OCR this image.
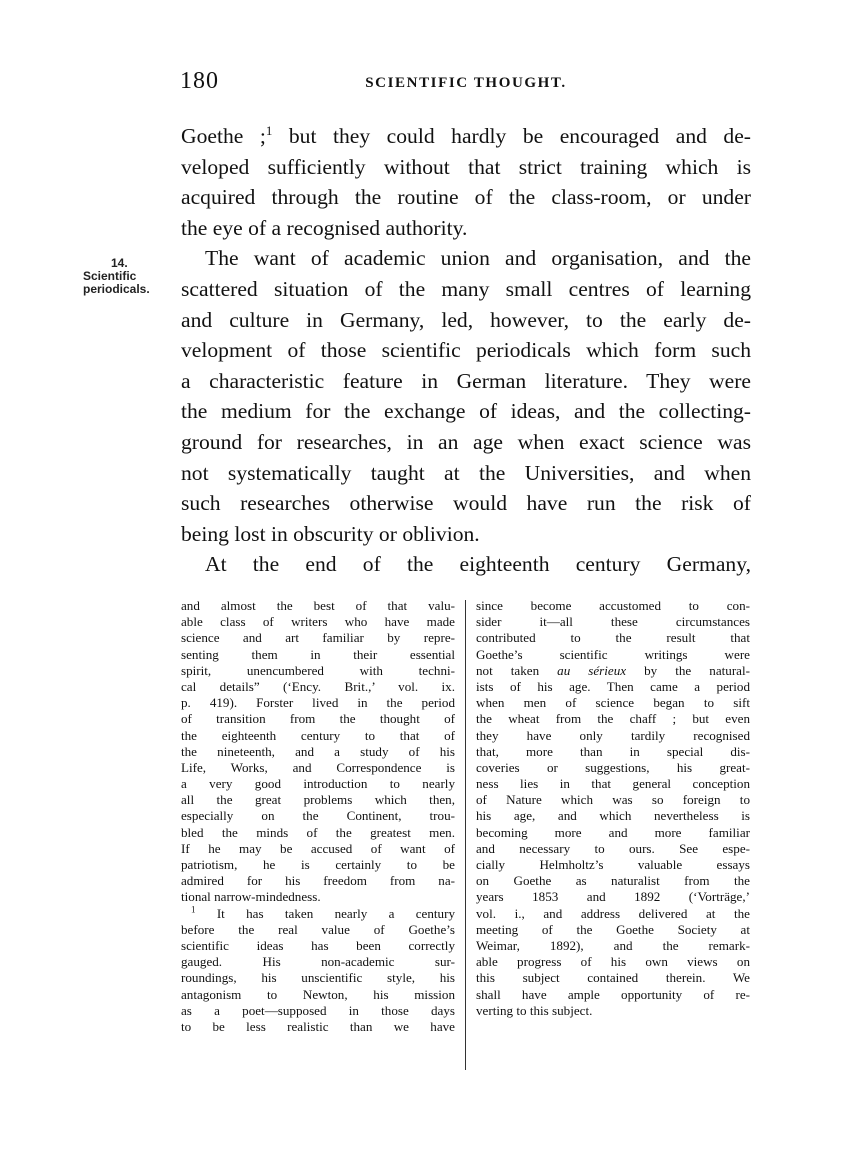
180	SCIENTIFIC THOUGHT.
14.
Scientific
periodicals.
Goethe ;$^1$ but they could hardly be encouraged and de-
veloped sufficiently without that strict training which is
acquired through the routine of the class-room, or under
the eye of a recognised authority.
The want of academic union and organisation, and the
scattered situation of the many small centres of learning
and culture in Germany, led, however, to the early de-
velopment of those scientific periodicals which form such
a characteristic feature in German literature. They were
the medium for the exchange of ideas, and the collecting-
ground for researches, in an age when exact science was
not systematically taught at the Universities, and when
such researches otherwise would have run the risk of
being lost in obscurity or oblivion.
At the end of the eighteenth century Germany,
and almost the best of that valu-
able class of writers who have made
science and art familiar by repre-
senting them in their essential
spirit, unencumbered with techni-
cal details” (‘Ency. Brit.,’ vol. ix.
p. 419). Forster lived in the period
of transition from the thought of
the eighteenth century to that of
the nineteenth, and a study of his
Life, Works, and Correspondence is
a very good introduction to nearly
all the great problems which then,
especially on the Continent, trou-
bled the minds of the greatest men.
If he may be accused of want of
patriotism, he is certainly to be
admired for his freedom from na-
tional narrow-mindedness.
$^1$ It has taken nearly a century
before the real value of Goethe’s
scientific ideas has been correctly
gauged. His non-academic sur-
roundings, his unscientific style, his
antagonism to Newton, his mission
as a poet—supposed in those days
to be less realistic than we have
since become accustomed to con-
sider it—all these circumstances
contributed to the result that
Goethe’s scientific writings were
not taken au sérieux by the natural-
ists of his age. Then came a period
when men of science began to sift
the wheat from the chaff ; but even
they have only tardily recognised
that, more than in special dis-
coveries or suggestions, his great-
ness lies in that general conception
of Nature which was so foreign to
his age, and which nevertheless is
becoming more and more familiar
and necessary to ours. See espe-
cially Helmholtz’s valuable essays
on Goethe as naturalist from the
years 1853 and 1892 (‘Vorträge,’
vol. i., and address delivered at the
meeting of the Goethe Society at
Weimar, 1892), and the remark-
able progress of his own views on
this subject contained therein. We
shall have ample opportunity of re-
verting to this subject.
